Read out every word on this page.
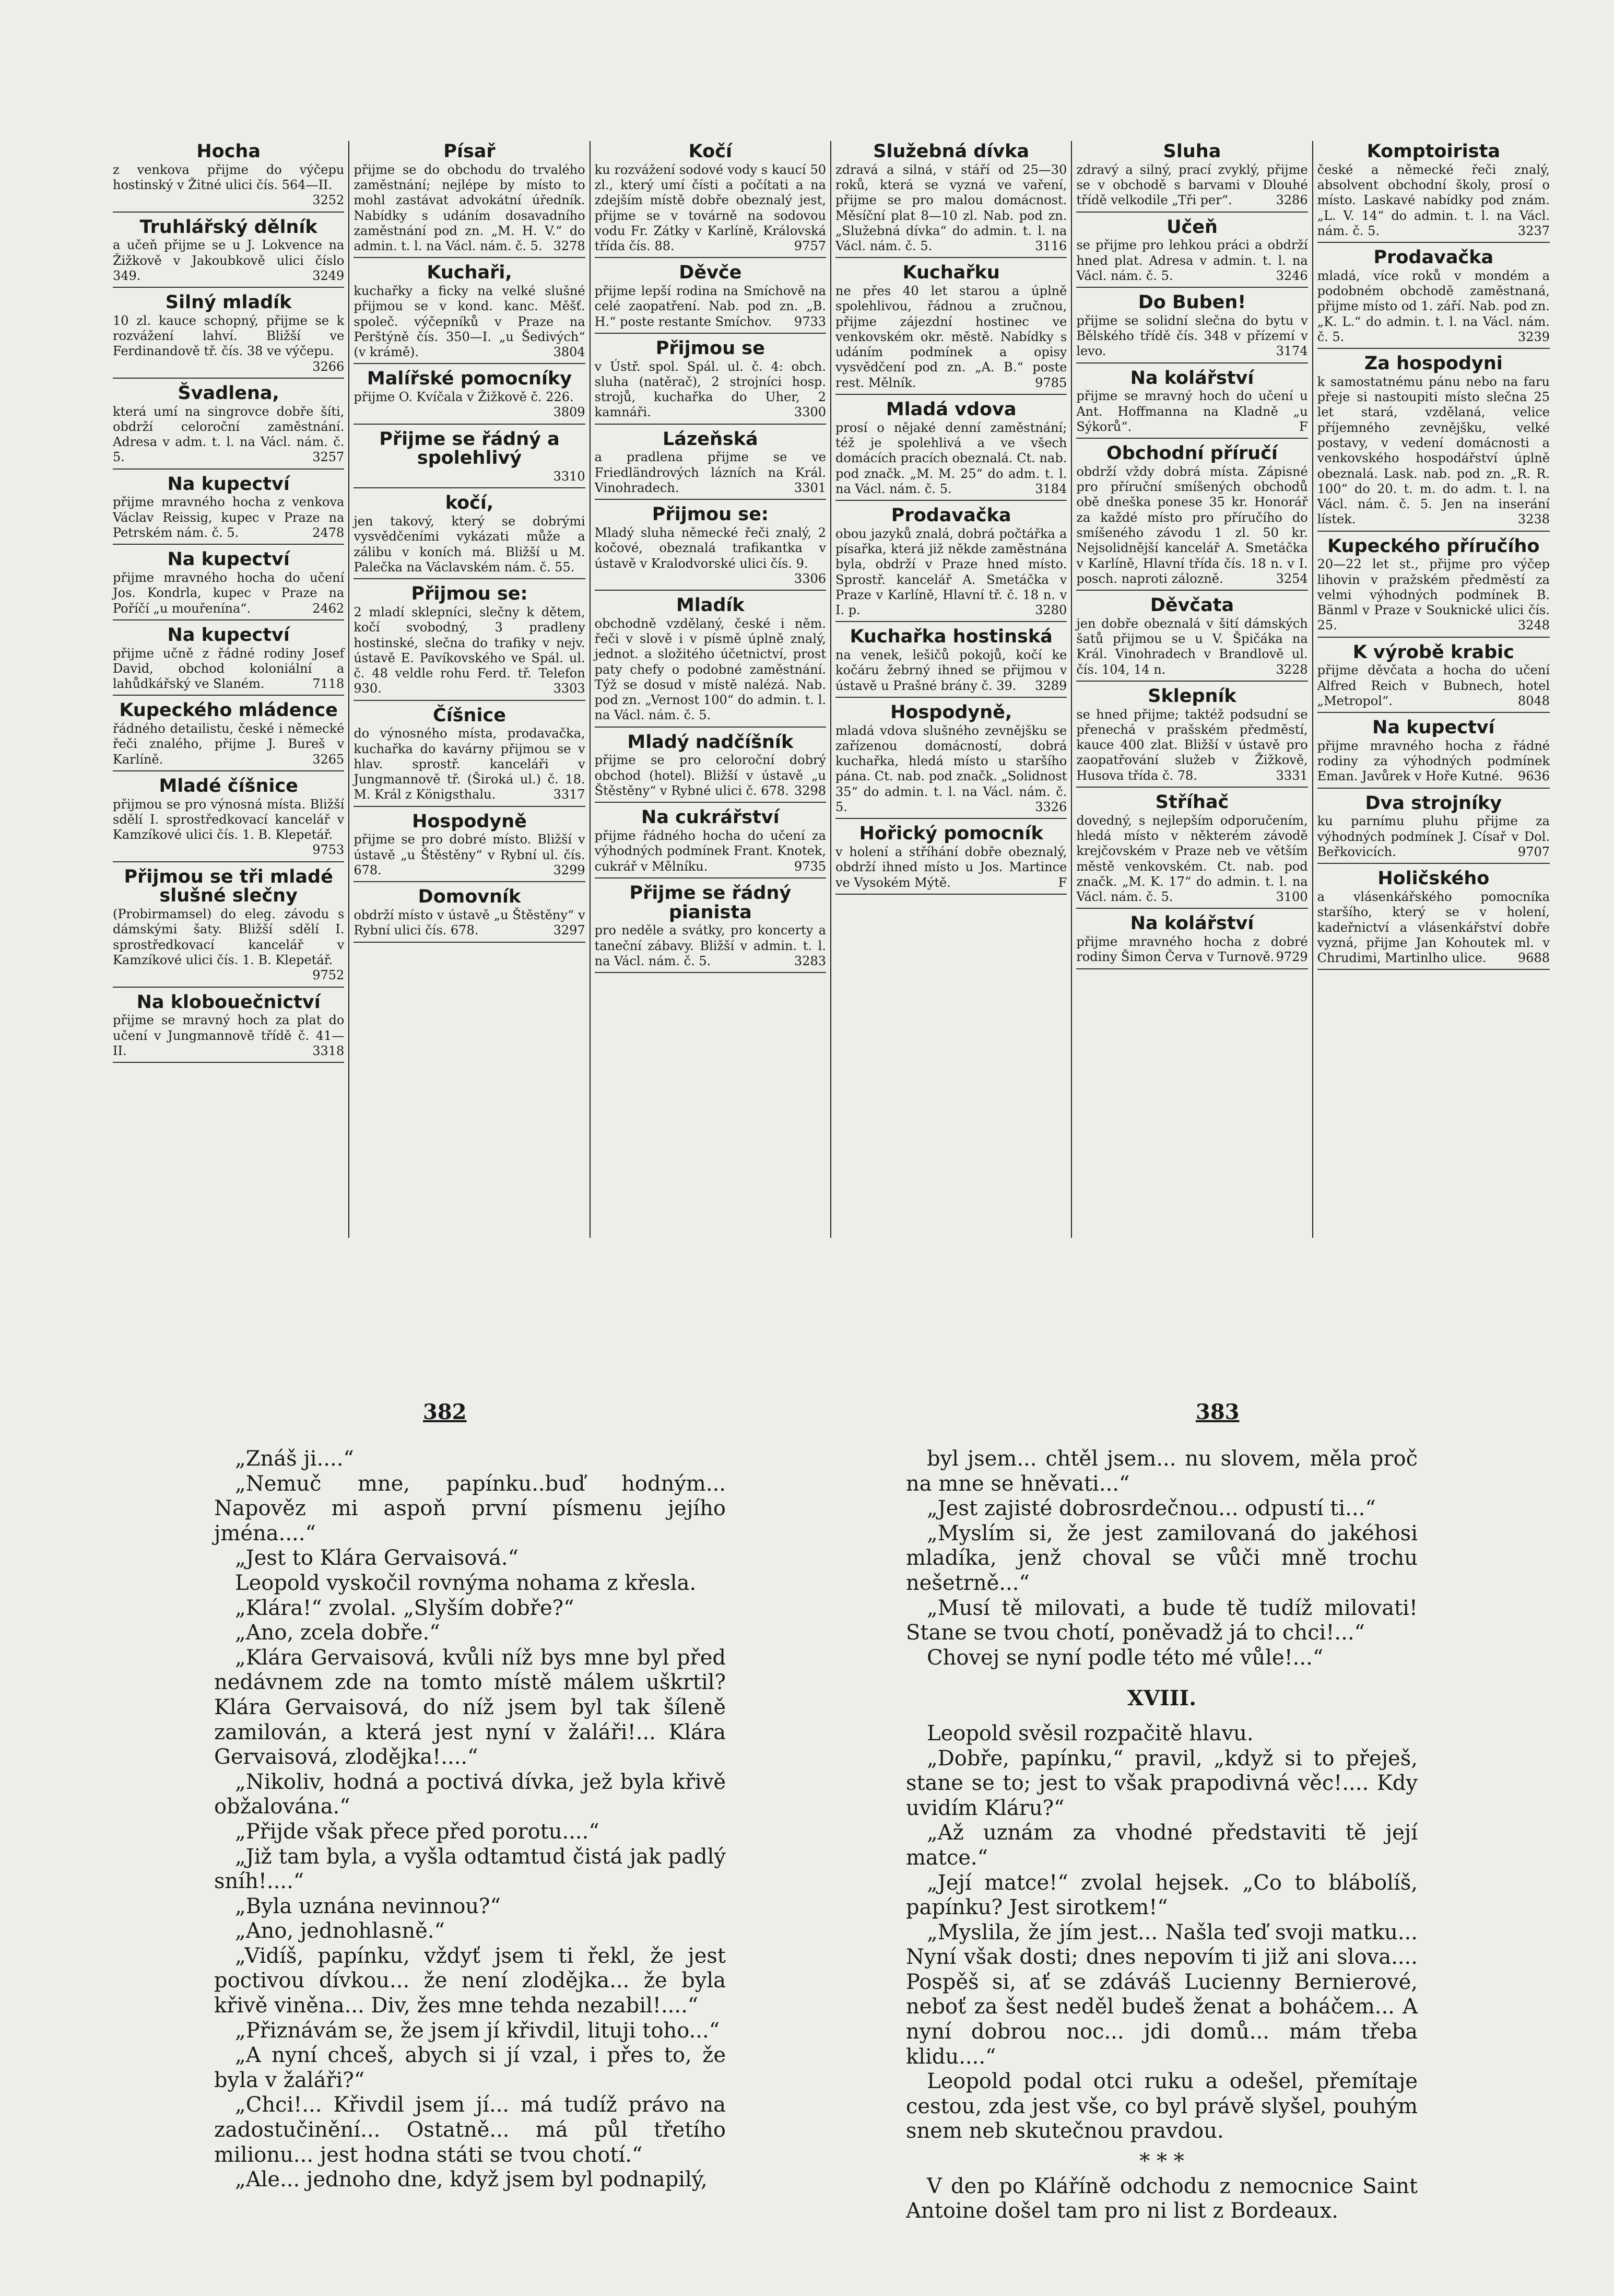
Hocha

z venkova přijme do výčepu hostinský v Žitné ulici čís. 564—II.
3252

Truhlářský dělník

a učeň přijme se u J. Lokvence na Žižkově v Jakoubkově ulici číslo 349.	3249

Silný mladík

10 zl. kauce schopný, přijme se k rozvážení lahví. Bližší ve Ferdinandově tř. čís. 38 ve výčepu.
3266

Švadlena,

která umí na singrovce dobře šíti, obdrží celoroční zaměstnání. Adresa v adm. t. l. na Václ. nám. č. 5.	3257

Na kupectví

přijme mravného hocha z venkova Václav Reissig, kupec v Praze na Petrském nám. č. 5.	2478

Na kupectví

přijme mravného hocha do učení Jos. Kondrla, kupec v Praze na Poříčí „u mouřenína“.	2462

Na kupectví

přijme učně z řádné rodiny Josef David, obchod koloniální a lahůdkářský ve Slaném.	7118

Kupeckého mládence

řádného detailistu, české i německé řeči znalého, přijme J. Bureš v Karlíně.	3265

Mladé číšnice

přijmou se pro výnosná místa. Bližší sdělí I. sprostředkovací kancelář v Kamzíkové ulici čís. 1. B. Klepetář.
9753

Přijmou se tři mladé slušné slečny

(Probirmamsel) do eleg. závodu s dámskými šaty. Bližší sdělí I. sprostředkovací kancelář v Kamzíkové ulici čís. 1. B. Klepetář.
9752

Na klobouečnictví

přijme se mravný hoch za plat do učení v Jungmannově třídě č. 41—II.	3318

Písař

přijme se do obchodu do trvalého zaměstnání; nejlépe by místo to mohl zastávat advokátní úředník. Nabídky s udáním dosavadního zaměstnání pod zn. „M. H. V.“ do admin. t. l. na Václ. nám. č. 5. 3278

Kuchaři,

kuchařky a ficky na velké slušné přijmou se v kond. kanc. Měšť. společ. výčepníků v Praze na Perštýně čís. 350—I. „u Šedivých“ (v krámě).	3804

Malířské pomocníky

přijme O. Kvíčala v Žižkově č. 226.
3809

Přijme se řádný a spolehlivý

3310

kočí,

jen takový, který se dobrými vysvědčeními vykázati může a zálibu v koních má. Bližší u M. Palečka na Václavském nám. č. 55.

Přijmou se:

2 mladí sklepníci, slečny k dětem, kočí svobodný, 3 pradleny hostinské, slečna do trafiky v nejv. ústavě E. Pavíkovského ve Spál. ul. č. 48 veldle rohu Ferd. tř. Telefon 930.	3303

Číšnice

do výnosného místa, prodavačka, kuchařka do kavárny přijmou se v hlav. sprostř. kanceláři v Jungmannově tř. (Široká ul.) č. 18. M. Král z Königsthalu.	3317

Hospodyně

přijme se pro dobré místo. Bližší v ústavě „u Štěstěny“ v Rybní ul. čís. 678.	3299

Domovník

obdrží místo v ústavě „u Štěstěny“ v Rybní ulici čís. 678.	3297

Kočí

ku rozvážení sodové vody s kaucí 50 zl., který umí čísti a počítati a na zdejším místě dobře obeznalý jest, přijme se v továrně na sodovou vodu Fr. Zátky v Karlíně, Královská třída čís. 88.	9757

Děvče

přijme lepší rodina na Smíchově na celé zaopatření. Nab. pod zn. „B. H.“ poste restante Smíchov. 9733

Přijmou se

v Ústř. spol. Spál. ul. č. 4: obch. sluha (natěrač), 2 strojníci hosp. strojů, kuchařka do Uher, 2 kamnáři.	3300

Lázeňská

a pradlena přijme se ve Friedländrových lázních na Král. Vinohradech.	3301

Přijmou se:

Mladý sluha německé řeči znalý, 2 kočové, obeznalá trafikantka v ústavě v Kralodvorské ulici čís. 9.
3306

Mladík

obchodně vzdělaný, české i něm. řeči v slově i v písmě úplně znalý, jednot. a složitého účetnictví, prost paty chefy o podobné zaměstnání. Týž se dosud v místě nalézá. Nab. pod zn. „Vernost 100“ do admin. t. l. na Václ. nám. č. 5.

Mladý nadčíšník

přijme se pro celoroční dobrý obchod (hotel). Bližší v ústavě „u Štěstěny“ v Rybné ulici č. 678. 3298

Na cukrářství

přijme řádného hocha do učení za výhodných podmínek Frant. Knotek, cukrář v Mělníku.	9735

Přijme se řádný pianista

pro neděle a svátky, pro koncerty a taneční zábavy. Bližší v admin. t. l. na Václ. nám. č. 5.	3283

Služebná dívka

zdravá a silná, v stáří od 25—30 roků, která se vyzná ve vaření, přijme se pro malou domácnost. Měsíční plat 8—10 zl. Nab. pod zn. „Služebná dívka“ do admin. t. l. na Václ. nám. č. 5.	3116

Kuchařku

ne přes 40 let starou a úplně spolehlivou, řádnou a zručnou, přijme zájezdní hostinec ve venkovském okr. městě. Nabídky s udáním podmínek a opisy vysvědčení pod zn. „A. B.“ poste rest. Mělník.	9785

Mladá vdova

prosí o nějaké denní zaměstnání; též je spolehlivá a ve všech domácích pracích obeznalá. Ct. nab. pod značk. „M. M. 25“ do adm. t. l. na Václ. nám. č. 5.	3184

Prodavačka

obou jazyků znalá, dobrá počtářka a písařka, která již někde zaměstnána byla, obdrží v Praze hned místo. Sprostř. kancelář A. Smetáčka v Praze v Karlíně, Hlavní tř. č. 18 n. v I. p.	3280

Kuchařka hostinská

na venek, lešičů pokojů, kočí ke kočáru žebrný ihned se přijmou v ústavě u Prašné brány č. 39. 3289

Hospodyně,

mladá vdova slušného zevnějšku se zařízenou domácností, dobrá kuchařka, hledá místo u staršího pána. Ct. nab. pod značk. „Solidnost 35“ do admin. t. l. na Václ. nám. č. 5.	3326

Hořický pomocník

v holení a stříhání dobře obeznalý, obdrží ihned místo u Jos. Martince ve Vysokém Mýtě.	F

Sluha

zdravý a silný, prací zvyklý, přijme se v obchodě s barvami v Dlouhé třídě velkodile „Tři per“.	3286

Učeň

se přijme pro lehkou práci a obdrží hned plat. Adresa v admin. t. l. na Václ. nám. č. 5.	3246

Do Buben!

přijme se solidní slečna do bytu v Bělského třídě čís. 348 v přízemí v levo.	3174

Na kolářství

přijme se mravný hoch do učení u Ant. Hoffmanna na Kladně „u Sýkorů“.	F

Obchodní příručí

obdrží vždy dobrá místa. Zápisné pro příruční smíšených obchodů obě dneška ponese 35 kr. Honorář za každé místo pro příručího do smíšeného závodu 1 zl. 50 kr. Nejsolidnější kancelář A. Smetáčka v Karlíně, Hlavní třída čís. 18 n. v I. posch. naproti zálozně.	3254

Děvčata

jen dobře obeznalá v šití dámských šatů přijmou se u V. Špičáka na Král. Vinohradech v Brandlově ul. čís. 104, 14 n.	3228

Sklepník

se hned přijme; taktéž podsudní se přenechá v prašském předměstí, kauce 400 zlat. Bližší v ústavě pro zaopatřování služeb v Žižkově, Husova třída č. 78.	3331

Stříhač

dovedný, s nejlepším odporučením, hledá místo v některém závodě krejčovském v Praze neb ve větším městě venkovském. Ct. nab. pod značk. „M. K. 17“ do admin. t. l. na Václ. nám. č. 5.	3100

Na kolářství

přijme mravného hocha z dobré rodiny Šimon Červa v Turnově. 9729

Komptoirista

české a německé řeči znalý, absolvent obchodní školy, prosí o místo. Laskavé nabídky pod znám. „L. V. 14“ do admin. t. l. na Václ. nám. č. 5.	3237

Prodavačka

mladá, více roků v mondém a podobném obchodě zaměstnaná, přijme místo od 1. září. Nab. pod zn. „K. L.“ do admin. t. l. na Václ. nám. č. 5.	3239

Za hospodyni

k samostatnému pánu nebo na faru přeje si nastoupiti místo slečna 25 let stará, vzdělaná, velice příjemného zevnějšku, velké postavy, v vedení domácnosti a venkovského hospodářství úplně obeznalá. Lask. nab. pod zn. „R. R. 100“ do 20. t. m. do adm. t. l. na Václ. nám. č. 5. Jen na inserání lístek.	3238

Kupeckého příručího

20—22 let st., přijme pro výčep lihovin v pražském předměstí za velmi výhodných podmínek B. Bänml v Praze v Souknické ulici čís. 25.	3248

K výrobě krabic

přijme děvčata a hocha do učení Alfred Reich v Bubnech, hotel „Metropol“.	8048

Na kupectví

přijme mravného hocha z řádné rodiny za výhodných podmínek Eman. Javůrek v Hoře Kutné. 9636

Dva strojníky

ku parnímu pluhu přijme za výhodných podmínek J. Císař v Dol. Beřkovicích.	9707

Holičského

a vlásenkářského pomocníka staršího, který se v holení, kadeřnictví a vlásenkářství dobře vyzná, přijme Jan Kohoutek ml. v Chrudimi, Martinlho ulice.	9688

382	383

„Znáš ji....“

„Nemuč mne, papínku..buď hodným... Napověz mi aspoň první písmenu jejího jména....“

„Jest to Klára Gervaisová.“

Leopold vyskočil rovnýma nohama z křesla.

„Klára!“ zvolal. „Slyším dobře?“

„Ano, zcela dobře.“

„Klára Gervaisová, kvůli níž bys mne byl před nedávnem zde na tomto místě málem uškrtil? Klára Gervaisová, do níž jsem byl tak šíleně zamilován, a která jest nyní v žaláři!... Klára Gervaisová, zlodějka!....“

„Nikoliv, hodná a poctivá dívka, jež byla křivě obžalována.“

„Přijde však přece před porotu....“

„Již tam byla, a vyšla odtamtud čistá jak padlý sníh!....“

„Byla uznána nevinnou?“

„Ano, jednohlasně.“

„Vidíš, papínku, vždyť jsem ti řekl, že jest poctivou dívkou... že není zlodějka... že byla křivě viněna... Div, žes mne tehda nezabil!....“

„Přiznávám se, že jsem jí křivdil, lituji toho...“

„A nyní chceš, abych si jí vzal, i přes to, že byla v žaláři?“

„Chci!... Křivdil jsem jí... má tudíž právo na zadostučinění... Ostatně... má půl třetího milionu... jest hodna státi se tvou chotí.“

„Ale... jednoho dne, když jsem byl podnapilý,

byl jsem... chtěl jsem... nu slovem, měla proč na mne se hněvati...“

„Jest zajisté dobrosrdečnou... odpustí ti...“

„Myslím si, že jest zamilovaná do jakéhosi mladíka, jenž choval se vůči mně trochu nešetrně...“

„Musí tě milovati, a bude tě tudíž milovati! Stane se tvou chotí, poněvadž já to chci!...“

Chovej se nyní podle této mé vůle!...“

XVIII.

Leopold svěsil rozpačitě hlavu.

„Dobře, papínku,“ pravil, „když si to přeješ, stane se to; jest to však prapodivná věc!.... Kdy uvidím Kláru?“

„Až uznám za vhodné představiti tě její matce.“

„Její matce!“ zvolal hejsek. „Co to blábolíš, papínku? Jest sirotkem!“

„Myslila, že jím jest... Našla teď svoji matku... Nyní však dosti; dnes nepovím ti již ani slova.... Pospěš si, ať se zdáváš Lucienny Bernierové, neboť za šest neděl budeš ženat a boháčem... A nyní dobrou noc... jdi domů... mám třeba klidu....“

Leopold podal otci ruku a odešel, přemítaje cestou, zda jest vše, co byl právě slyšel, pouhým snem neb skutečnou pravdou.

* * *

V den po Kláříně odchodu z nemocnice Saint Antoine došel tam pro ni list z Bordeaux.
